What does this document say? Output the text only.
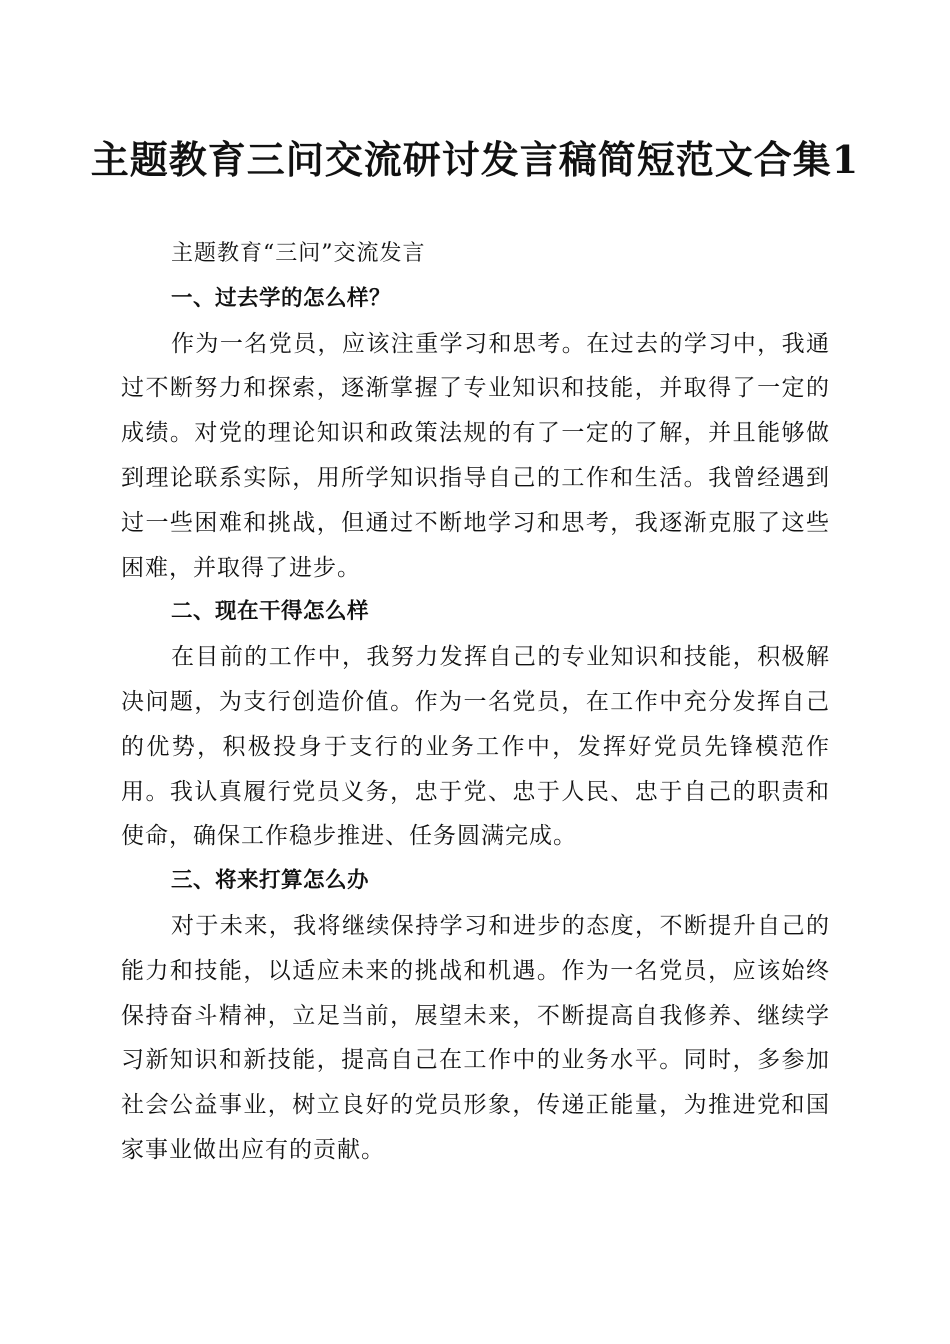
主题教育三问交流研讨发言稿简短范文合集1

主题教育“三问”交流发言

一、过去学的怎么样？

作为一名党员，应该注重学习和思考。在过去的学习中，我通过不断努力和探索，逐渐掌握了专业知识和技能，并取得了一定的成绩。对党的理论知识和政策法规的有了一定的了解，并且能够做到理论联系实际，用所学知识指导自己的工作和生活。我曾经遇到过一些困难和挑战，但通过不断地学习和思考，我逐渐克服了这些困难，并取得了进步。

二、现在干得怎么样

在目前的工作中，我努力发挥自己的专业知识和技能，积极解决问题，为支行创造价值。作为一名党员，在工作中充分发挥自己的优势，积极投身于支行的业务工作中，发挥好党员先锋模范作用。我认真履行党员义务，忠于党、忠于人民、忠于自己的职责和使命，确保工作稳步推进、任务圆满完成。

三、将来打算怎么办

对于未来，我将继续保持学习和进步的态度，不断提升自己的能力和技能，以适应未来的挑战和机遇。作为一名党员，应该始终保持奋斗精神，立足当前，展望未来，不断提高自我修养、继续学习新知识和新技能，提高自己在工作中的业务水平。同时，多参加社会公益事业，树立良好的党员形象，传递正能量，为推进党和国家事业做出应有的贡献。
